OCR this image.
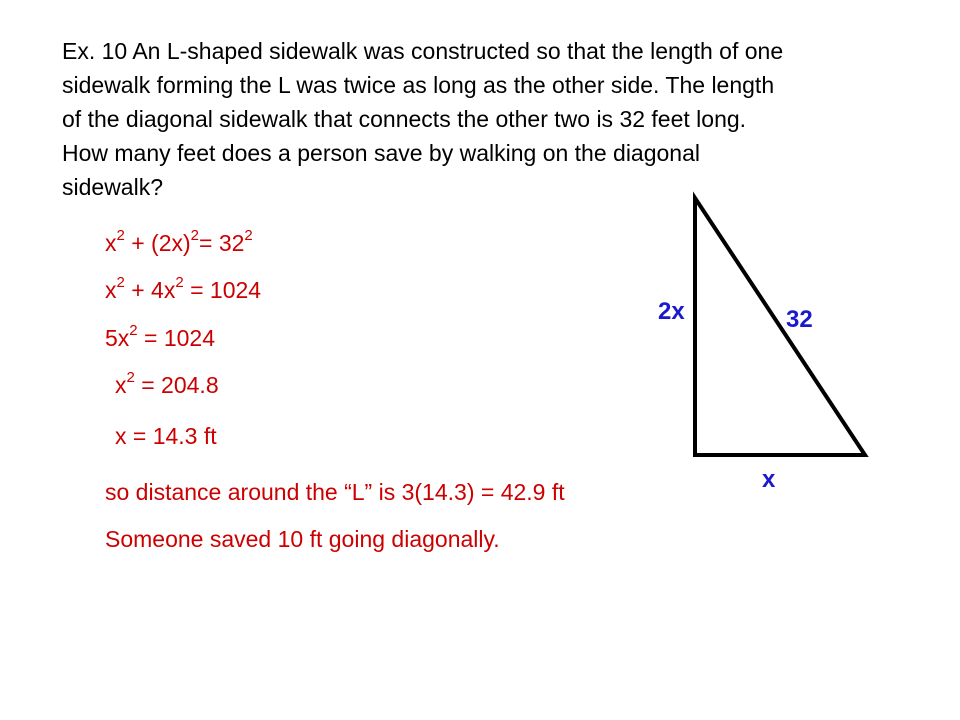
Ex. 10 An L-shaped sidewalk was constructed so that the length of one
sidewalk forming the L was twice as long as the other side. The length
of the diagonal sidewalk that connects the other two is 32 feet long.
How many feet does a person save by walking on the diagonal
sidewalk?
$x^2 + (2x)^2= 32^2$
$x^2 + 4x^2 = 1024$
$5x^2 = 1024$
$x^2 = 204.8$
x = 14.3 ft
so distance around the “L” is 3(14.3) = 42.9 ft
Someone saved 10 ft going diagonally.
2x	32
x
